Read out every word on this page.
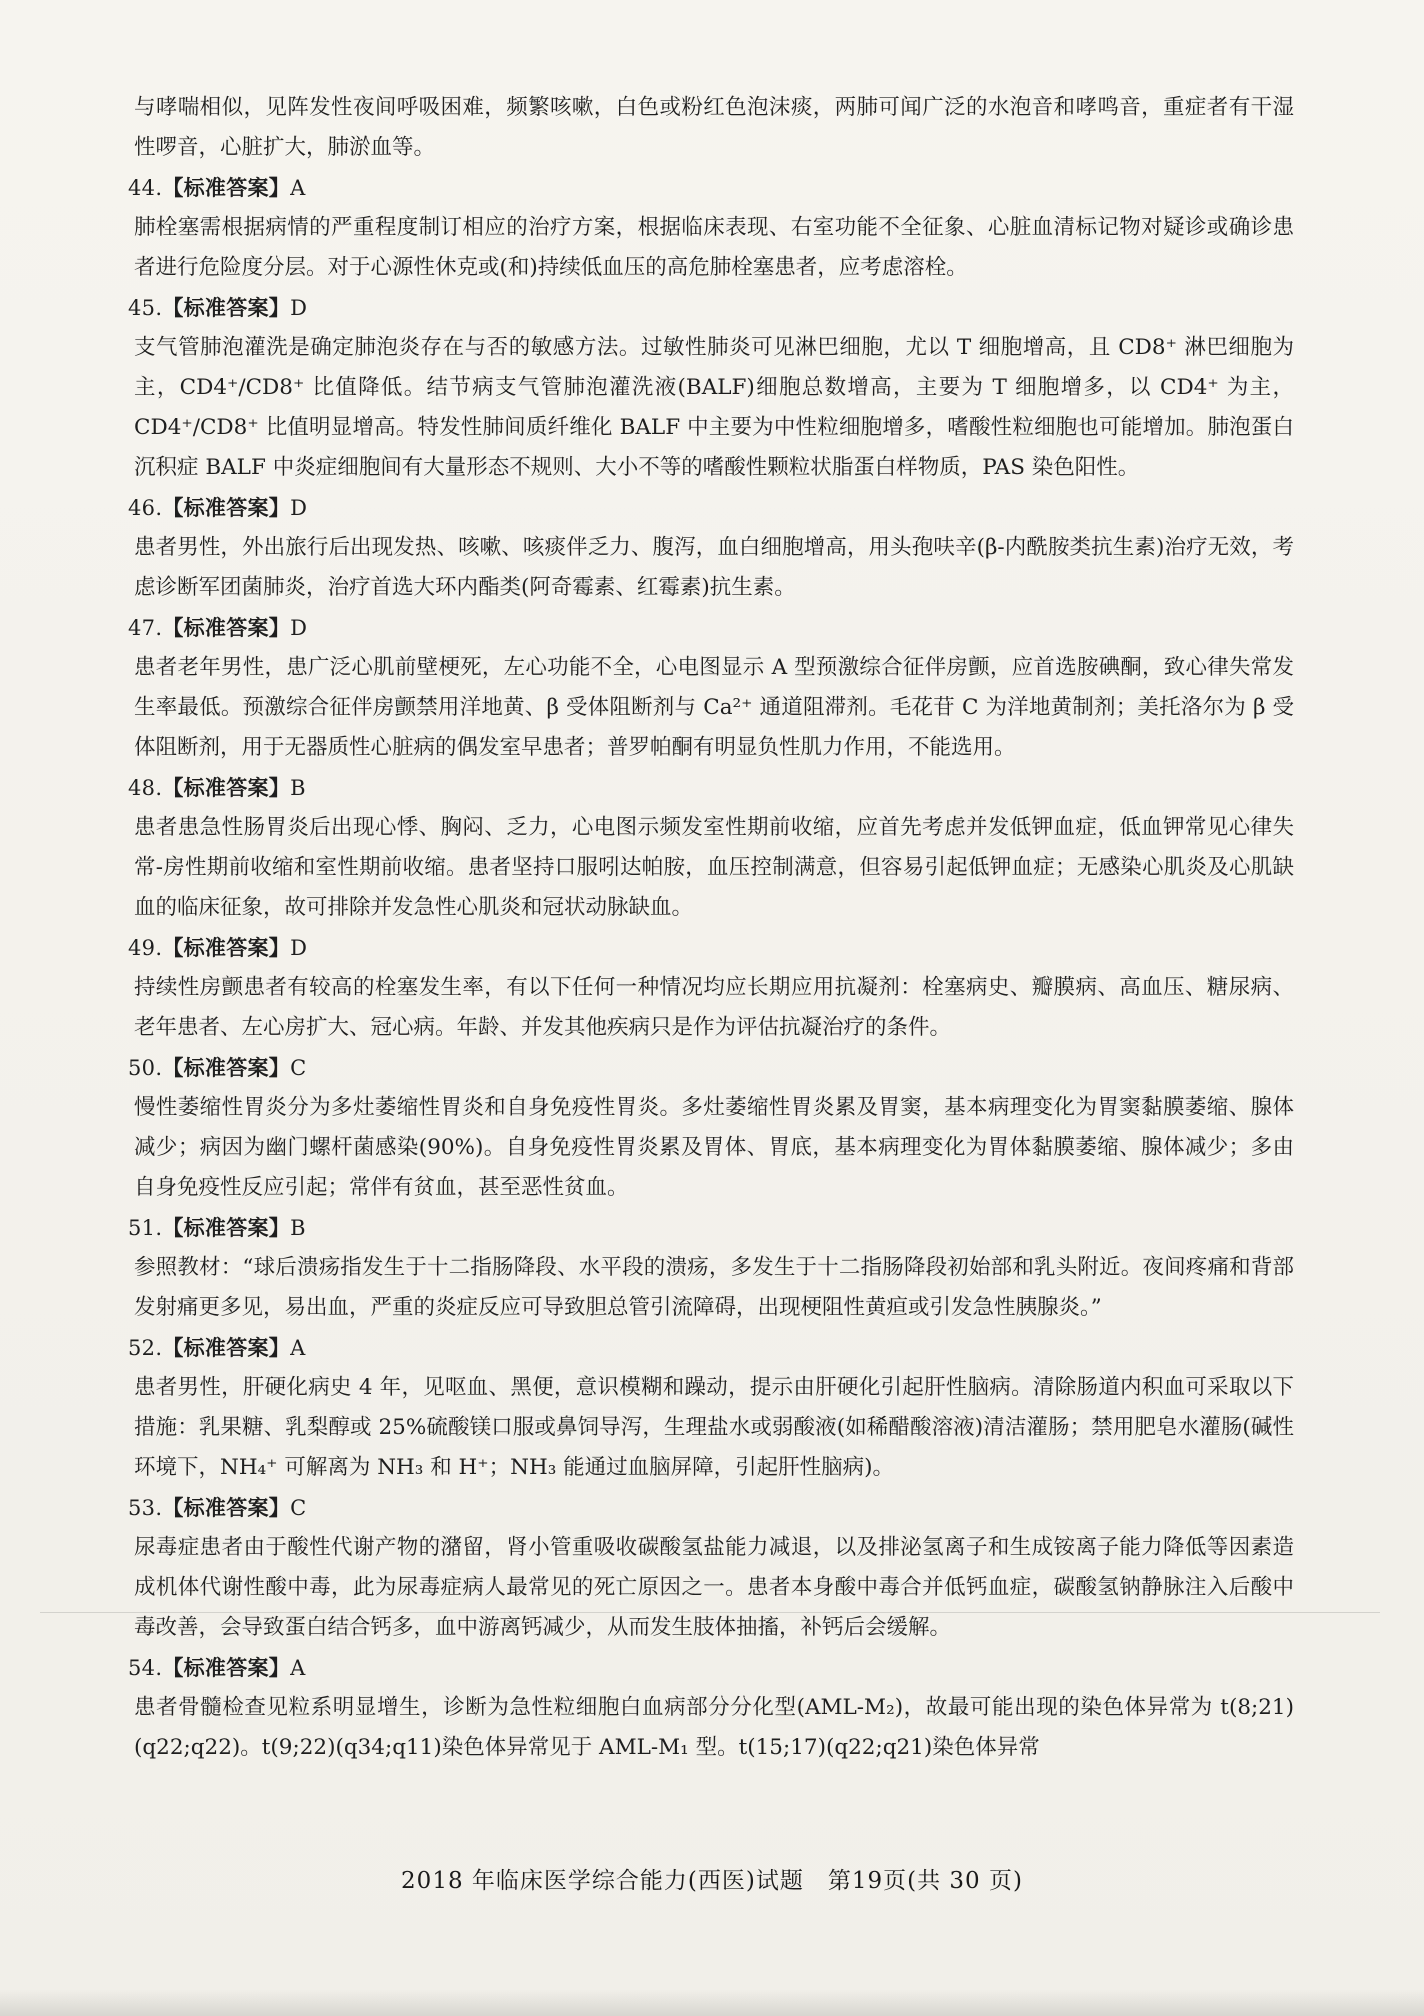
与哮喘相似，见阵发性夜间呼吸困难，频繁咳嗽，白色或粉红色泡沫痰，两肺可闻广泛的水泡音和哮鸣音，重症者有干湿性啰音，心脏扩大，肺淤血等。
44.【标准答案】A
肺栓塞需根据病情的严重程度制订相应的治疗方案，根据临床表现、右室功能不全征象、心脏血清标记物对疑诊或确诊患者进行危险度分层。对于心源性休克或(和)持续低血压的高危肺栓塞患者，应考虑溶栓。
45.【标准答案】D
支气管肺泡灌洗是确定肺泡炎存在与否的敏感方法。过敏性肺炎可见淋巴细胞，尤以 T 细胞增高，且 CD8⁺ 淋巴细胞为主，CD4⁺/CD8⁺ 比值降低。结节病支气管肺泡灌洗液(BALF)细胞总数增高，主要为 T 细胞增多，以 CD4⁺ 为主，CD4⁺/CD8⁺ 比值明显增高。特发性肺间质纤维化 BALF 中主要为中性粒细胞增多，嗜酸性粒细胞也可能增加。肺泡蛋白沉积症 BALF 中炎症细胞间有大量形态不规则、大小不等的嗜酸性颗粒状脂蛋白样物质，PAS 染色阳性。
46.【标准答案】D
患者男性，外出旅行后出现发热、咳嗽、咳痰伴乏力、腹泻，血白细胞增高，用头孢呋辛(β-内酰胺类抗生素)治疗无效，考虑诊断军团菌肺炎，治疗首选大环内酯类(阿奇霉素、红霉素)抗生素。
47.【标准答案】D
患者老年男性，患广泛心肌前壁梗死，左心功能不全，心电图显示 A 型预激综合征伴房颤，应首选胺碘酮，致心律失常发生率最低。预激综合征伴房颤禁用洋地黄、β 受体阻断剂与 Ca²⁺ 通道阻滞剂。毛花苷 C 为洋地黄制剂；美托洛尔为 β 受体阻断剂，用于无器质性心脏病的偶发室早患者；普罗帕酮有明显负性肌力作用，不能选用。
48.【标准答案】B
患者患急性肠胃炎后出现心悸、胸闷、乏力，心电图示频发室性期前收缩，应首先考虑并发低钾血症，低血钾常见心律失常-房性期前收缩和室性期前收缩。患者坚持口服吲达帕胺，血压控制满意，但容易引起低钾血症；无感染心肌炎及心肌缺血的临床征象，故可排除并发急性心肌炎和冠状动脉缺血。
49.【标准答案】D
持续性房颤患者有较高的栓塞发生率，有以下任何一种情况均应长期应用抗凝剂：栓塞病史、瓣膜病、高血压、糖尿病、老年患者、左心房扩大、冠心病。年龄、并发其他疾病只是作为评估抗凝治疗的条件。
50.【标准答案】C
慢性萎缩性胃炎分为多灶萎缩性胃炎和自身免疫性胃炎。多灶萎缩性胃炎累及胃窦，基本病理变化为胃窦黏膜萎缩、腺体减少；病因为幽门螺杆菌感染(90%)。自身免疫性胃炎累及胃体、胃底，基本病理变化为胃体黏膜萎缩、腺体减少；多由自身免疫性反应引起；常伴有贫血，甚至恶性贫血。
51.【标准答案】B
参照教材：“球后溃疡指发生于十二指肠降段、水平段的溃疡，多发生于十二指肠降段初始部和乳头附近。夜间疼痛和背部发射痛更多见，易出血，严重的炎症反应可导致胆总管引流障碍，出现梗阻性黄疸或引发急性胰腺炎。”
52.【标准答案】A
患者男性，肝硬化病史 4 年，见呕血、黑便，意识模糊和躁动，提示由肝硬化引起肝性脑病。清除肠道内积血可采取以下措施：乳果糖、乳梨醇或 25%硫酸镁口服或鼻饲导泻，生理盐水或弱酸液(如稀醋酸溶液)清洁灌肠；禁用肥皂水灌肠(碱性环境下，NH₄⁺ 可解离为 NH₃ 和 H⁺；NH₃ 能通过血脑屏障，引起肝性脑病)。
53.【标准答案】C
尿毒症患者由于酸性代谢产物的潴留，肾小管重吸收碳酸氢盐能力减退，以及排泌氢离子和生成铵离子能力降低等因素造成机体代谢性酸中毒，此为尿毒症病人最常见的死亡原因之一。患者本身酸中毒合并低钙血症，碳酸氢钠静脉注入后酸中毒改善，会导致蛋白结合钙多，血中游离钙减少，从而发生肢体抽搐，补钙后会缓解。
54.【标准答案】A
患者骨髓检查见粒系明显增生，诊断为急性粒细胞白血病部分分化型(AML-M₂)，故最可能出现的染色体异常为 t(8;21)(q22;q22)。t(9;22)(q34;q11)染色体异常见于 AML-M₁ 型。t(15;17)(q22;q21)染色体异常
2018 年临床医学综合能力(西医)试题　第19页(共 30 页)
